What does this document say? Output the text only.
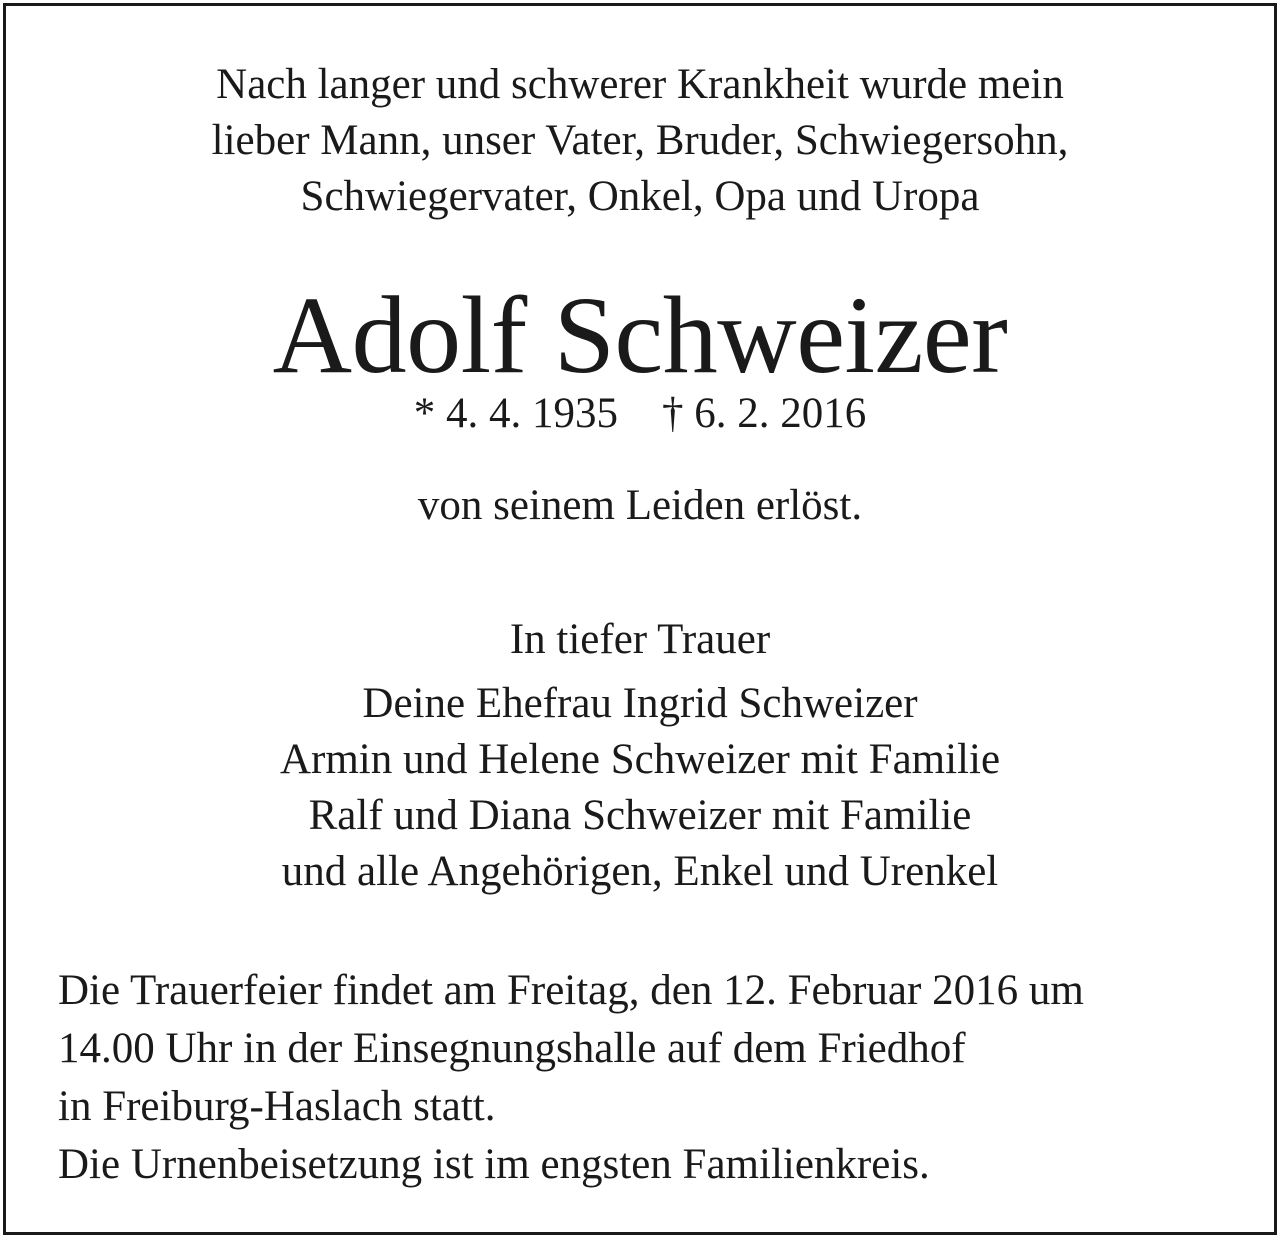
Nach langer und schwerer Krankheit wurde mein
lieber Mann, unser Vater, Bruder, Schwiegersohn,
Schwiegervater, Onkel, Opa und Uropa
Adolf Schweizer
* 4. 4. 1935 † 6. 2. 2016
von seinem Leiden erlöst.
In tiefer Trauer
Deine Ehefrau Ingrid Schweizer
Armin und Helene Schweizer mit Familie
Ralf und Diana Schweizer mit Familie
und alle Angehörigen, Enkel und Urenkel
Die Trauerfeier findet am Freitag, den 12. Februar 2016 um
14.00 Uhr in der Einsegnungshalle auf dem Friedhof
in Freiburg-Haslach statt.
Die Urnenbeisetzung ist im engsten Familienkreis.
